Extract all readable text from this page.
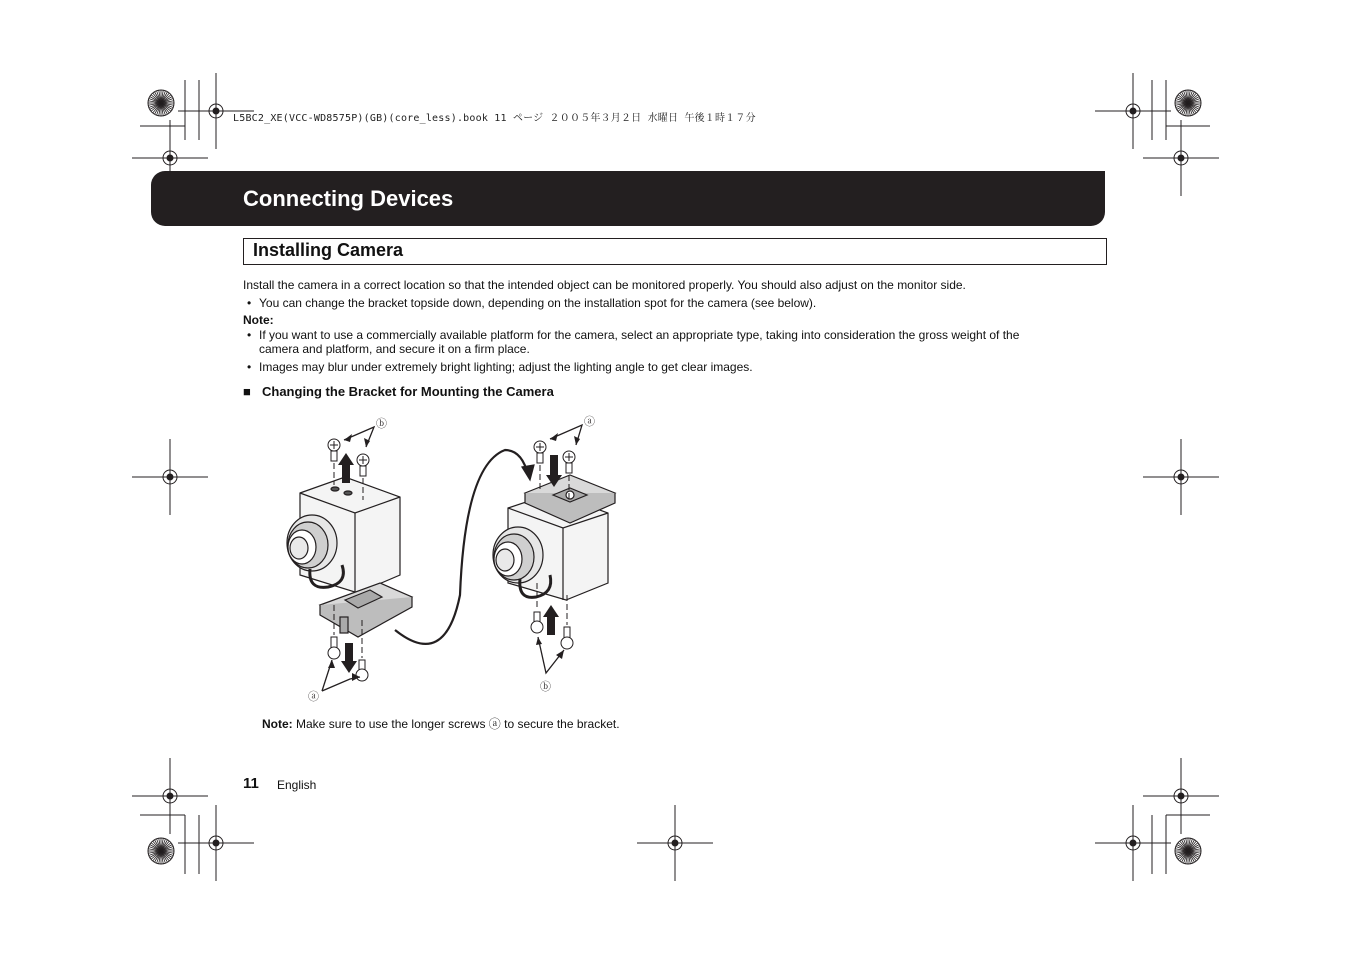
L5BC2_XE(VCC-WD8575P)(GB)(core_less).book 11 ページ ２００５年３月２日 水曜日 午後１時１７分
Connecting Devices
Installing Camera
Install the camera in a correct location so that the intended object can be monitored properly. You should also adjust on the monitor side.
• You can change the bracket topside down, depending on the installation spot for the camera (see below).
Note:
• If you want to use a commercially available platform for the camera, select an appropriate type, taking into consideration the gross weight of the
camera and platform, and secure it on a firm place.
• Images may blur under extremely bright lighting; adjust the lighting angle to get clear images.
■ Changing the Bracket for Mounting the Camera
ⓑ	ⓐ
ⓐ
ⓑ
Note: Make sure to use the longer screws ⓐ to secure the bracket.
11 English
